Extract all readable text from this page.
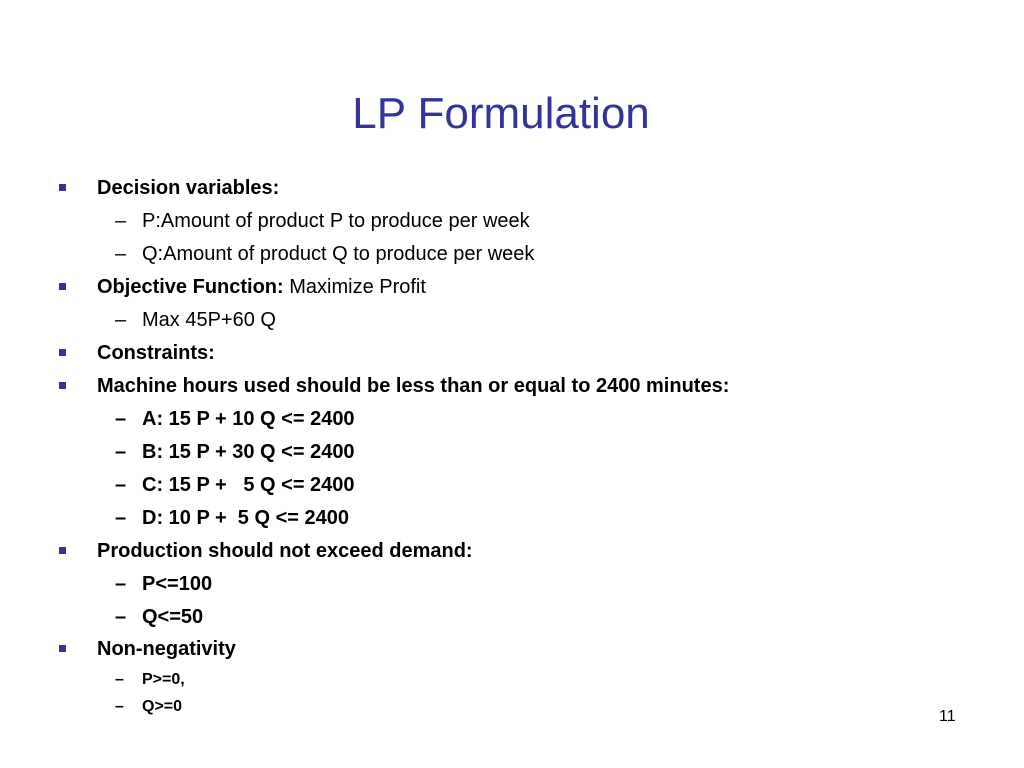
LP Formulation
Decision variables:
– P:Amount of product P to produce per week
– Q:Amount of product Q to produce per week
Objective Function: Maximize Profit
– Max 45P+60 Q
Constraints:
Machine hours used should be less than or equal to 2400 minutes:
– A: 15 P + 10 Q <= 2400
– B: 15 P + 30 Q <= 2400
– C: 15 P +   5 Q <= 2400
– D: 10 P +  5 Q <= 2400
Production should not exceed demand:
– P<=100
– Q<=50
Non-negativity
– P>=0,
– Q>=0
11
